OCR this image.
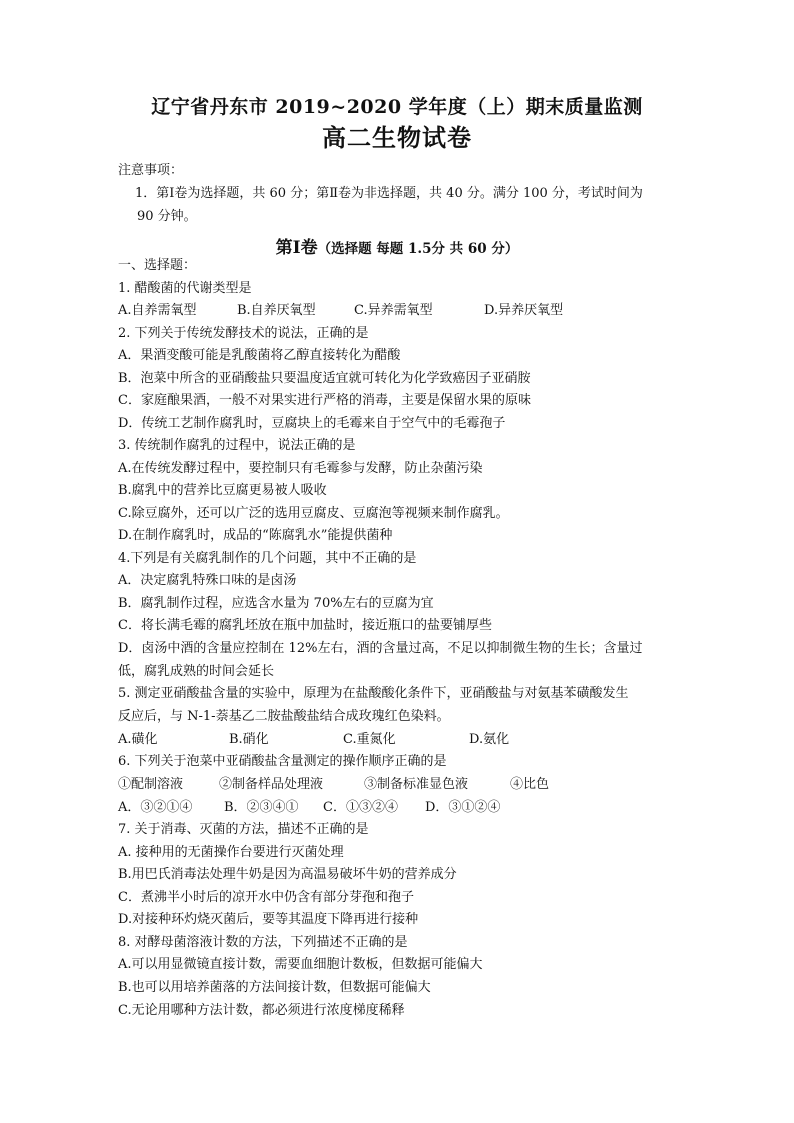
辽宁省丹东市 2019~2020 学年度（上）期末质量监测
高二生物试卷
注意事项：
1．第Ⅰ卷为选择题，共 60 分；第Ⅱ卷为非选择题，共 40 分。满分 100 分，考试时间为
90 分钟。
第Ⅰ卷（选择题 每题 1.5分 共 60 分）
一、选择题：
1. 醋酸菌的代谢类型是
A.自养需氧型	B.自养厌氧型	C.异养需氧型	D.异养厌氧型
2. 下列关于传统发酵技术的说法，正确的是
A．果酒变酸可能是乳酸菌将乙醇直接转化为醋酸
B．泡菜中所含的亚硝酸盐只要温度适宜就可转化为化学致癌因子亚硝胺
C．家庭酿果酒，一般不对果实进行严格的消毒，主要是保留水果的原味
D．传统工艺制作腐乳时，豆腐块上的毛霉来自于空气中的毛霉孢子
3. 传统制作腐乳的过程中，说法正确的是
A.在传统发酵过程中，要控制只有毛霉参与发酵，防止杂菌污染
B.腐乳中的营养比豆腐更易被人吸收
C.除豆腐外，还可以广泛的选用豆腐皮、豆腐泡等视频来制作腐乳。
D.在制作腐乳时，成品的“陈腐乳水”能提供菌种
4.下列是有关腐乳制作的几个问题，其中不正确的是
A．决定腐乳特殊口味的是卤汤
B．腐乳制作过程，应选含水量为 70%左右的豆腐为宜
C．将长满毛霉的腐乳坯放在瓶中加盐时，接近瓶口的盐要铺厚些
D．卤汤中酒的含量应控制在 12%左右，酒的含量过高，不足以抑制微生物的生长；含量过
低，腐乳成熟的时间会延长
5. 测定亚硝酸盐含量的实验中，原理为在盐酸酸化条件下，亚硝酸盐与对氨基苯磺酸发生
反应后，与 N-1-萘基乙二胺盐酸盐结合成玫瑰红色染料。
A.磺化	B.硝化	C.重氮化	D.氨化
6. 下列关于泡菜中亚硝酸盐含量测定的操作顺序正确的是
①配制溶液	②制备样品处理液	③制备标准显色液	④比色
A．③②①④ B．②③④① C．①③②④ D．③①②④
7. 关于消毒、灭菌的方法，描述不正确的是
A. 接种用的无菌操作台要进行灭菌处理
B.用巴氏消毒法处理牛奶是因为高温易破坏牛奶的营养成分
C．煮沸半小时后的凉开水中仍含有部分芽孢和孢子
D.对接种环灼烧灭菌后，要等其温度下降再进行接种
8. 对酵母菌溶液计数的方法，下列描述不正确的是
A.可以用显微镜直接计数，需要血细胞计数板，但数据可能偏大
B.也可以用培养菌落的方法间接计数，但数据可能偏大
C.无论用哪种方法计数，都必须进行浓度梯度稀释
